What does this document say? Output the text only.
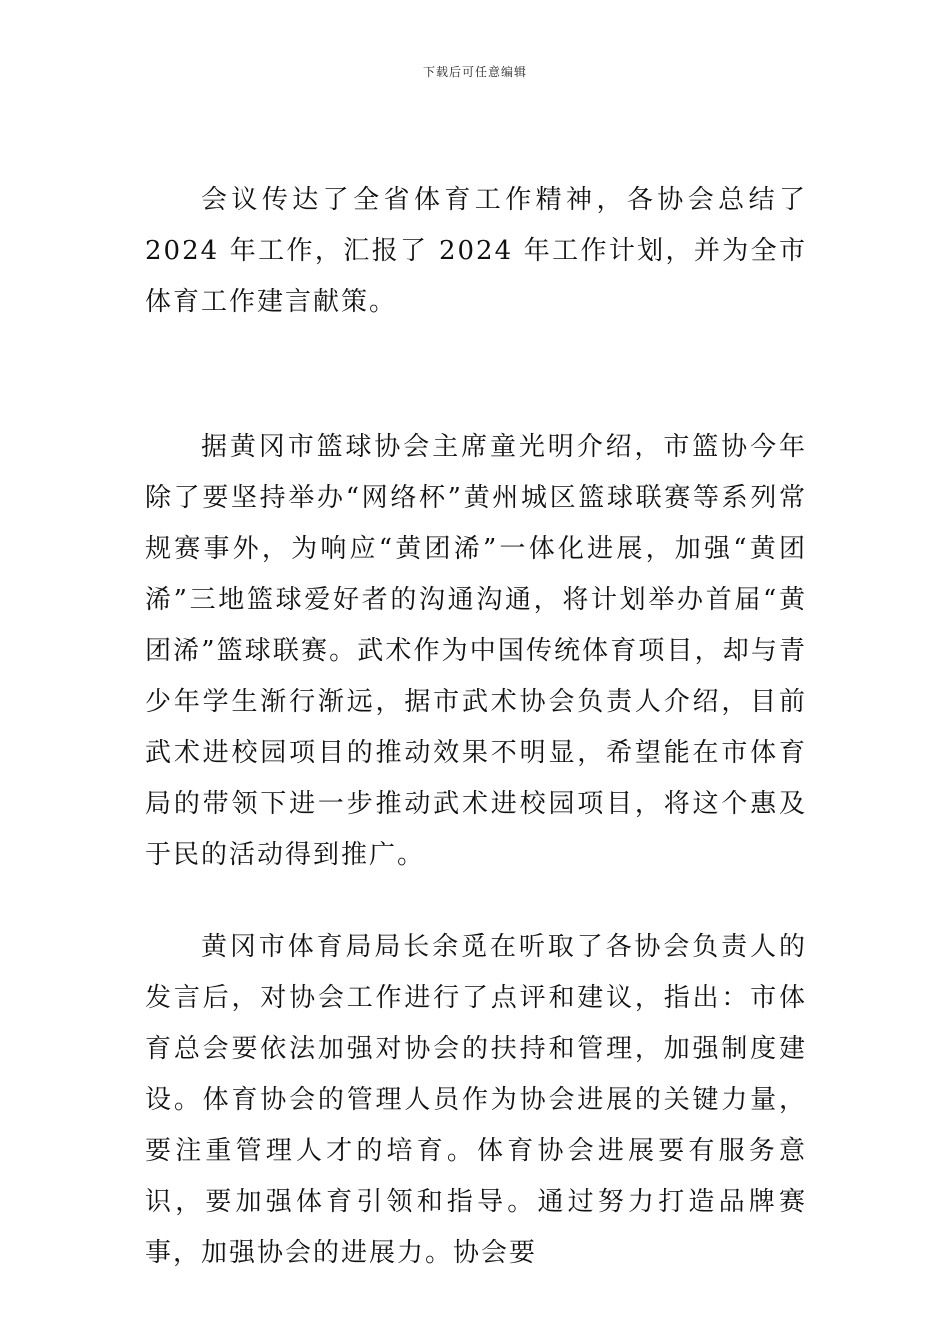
下载后可任意编辑

会议传达了全省体育工作精神，各协会总结了 2024 年工作，汇报了 2024 年工作计划，并为全市体育工作建言献策。

据黄冈市篮球协会主席童光明介绍，市篮协今年除了要坚持举办“网络杯”黄州城区篮球联赛等系列常规赛事外，为响应“黄团浠”一体化进展，加强“黄团浠”三地篮球爱好者的沟通沟通，将计划举办首届“黄团浠”篮球联赛。武术作为中国传统体育项目，却与青少年学生渐行渐远，据市武术协会负责人介绍，目前武术进校园项目的推动效果不明显，希望能在市体育局的带领下进一步推动武术进校园项目，将这个惠及于民的活动得到推广。

黄冈市体育局局长余觅在听取了各协会负责人的发言后，对协会工作进行了点评和建议，指出：市体育总会要依法加强对协会的扶持和管理，加强制度建设。体育协会的管理人员作为协会进展的关键力量，要注重管理人才的培育。体育协会进展要有服务意识，要加强体育引领和指导。通过努力打造品牌赛事，加强协会的进展力。协会要
